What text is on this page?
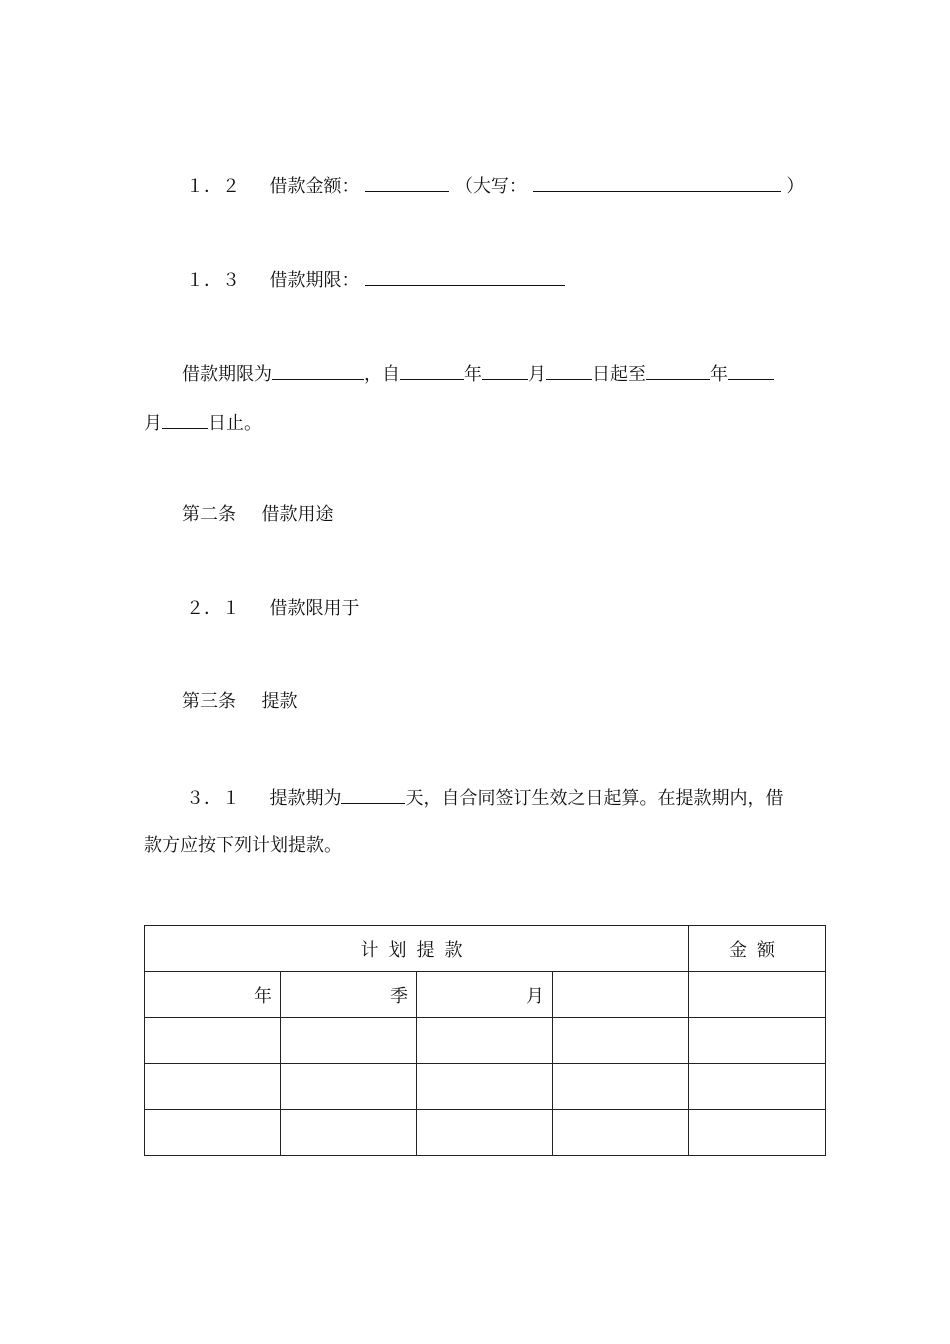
１．２ 借款金额：	（大写：	）
１．３ 借款期限：
借款期限为	，自	年	月	日起至	年
月	日止。
第二条 借款用途
２．１ 借款限用于
第三条 提款
３．１ 提款期为	天，自合同签订生效之日起算。在提款期内，借
款方应按下列计划提款。
计划提款				金额
年	季	月		
